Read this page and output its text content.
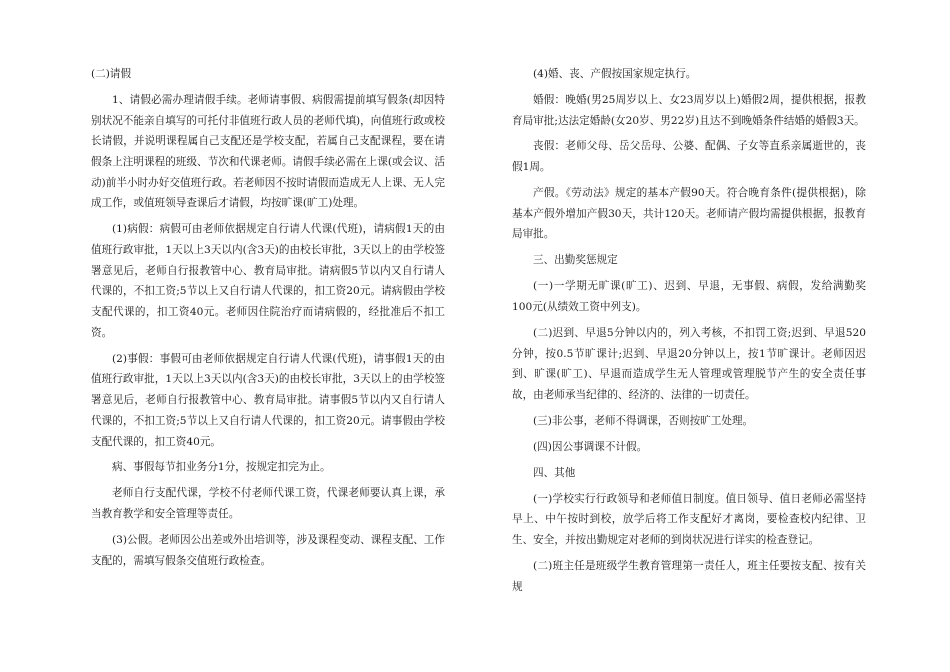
(二)请假

1、请假必需办理请假手续。老师请事假、病假需提前填写假条(却因特别状况不能亲自填写的可托付非值班行政人员的老师代填)，向值班行政或校长请假，并说明课程属自己支配还是学校支配，若属自己支配课程，要在请假条上注明课程的班级、节次和代课老师。请假手续必需在上课(或会议、活动)前半小时办好交值班行政。若老师因不按时请假而造成无人上课、无人完成工作，或值班领导查课后才请假，均按旷课(旷工)处理。

(1)病假：病假可由老师依据规定自行请人代课(代班)，请病假1天的由值班行政审批，1天以上3天以内(含3天)的由校长审批，3天以上的由学校签署意见后，老师自行报教管中心、教育局审批。请病假5节以内又自行请人代课的，不扣工资;5节以上又自行请人代课的，扣工资20元。请病假由学校支配代课的，扣工资40元。老师因住院治疗而请病假的，经批准后不扣工资。

(2)事假：事假可由老师依据规定自行请人代课(代班)，请事假1天的由值班行政审批，1天以上3天以内(含3天)的由校长审批，3天以上的由学校签署意见后，老师自行报教管中心、教育局审批。请事假5节以内又自行请人代课的，不扣工资;5节以上又自行请人代课的，扣工资20元。请事假由学校支配代课的，扣工资40元。

病、事假每节扣业务分1分，按规定扣完为止。

老师自行支配代课，学校不付老师代课工资，代课老师要认真上课，承当教育教学和安全管理等责任。

(3)公假。老师因公出差或外出培训等，涉及课程变动、课程支配、工作支配的，需填写假条交值班行政检查。

(4)婚、丧、产假按国家规定执行。

婚假：晚婚(男25周岁以上、女23周岁以上)婚假2周，提供根据，报教育局审批;达法定婚龄(女20岁、男22岁)且达不到晚婚条件结婚的婚假3天。

丧假：老师父母、岳父岳母、公婆、配偶、子女等直系亲属逝世的，丧假1周。

产假。《劳动法》规定的基本产假90天。符合晚育条件(提供根据)，除基本产假外增加产假30天，共计120天。老师请产假均需提供根据，报教育局审批。

三、出勤奖惩规定

(一)一学期无旷课(旷工)、迟到、早退，无事假、病假，发给满勤奖100元(从绩效工资中列支)。

(二)迟到、早退5分钟以内的，列入考核，不扣罚工资;迟到、早退520分钟，按0.5节旷课计;迟到、早退20分钟以上，按1节旷课计。老师因迟到、旷课(旷工)、早退而造成学生无人管理或管理脱节产生的安全责任事故，由老师承当纪律的、经济的、法律的一切责任。

(三)非公事，老师不得调课，否则按旷工处理。

(四)因公事调课不计假。

四、其他

(一)学校实行行政领导和老师值日制度。值日领导、值日老师必需坚持早上、中午按时到校，放学后将工作支配好才离岗，要检查校内纪律、卫生、安全，并按出勤规定对老师的到岗状况进行详实的检查登记。

(二)班主任是班级学生教育管理第一责任人，班主任要按支配、按有关规
